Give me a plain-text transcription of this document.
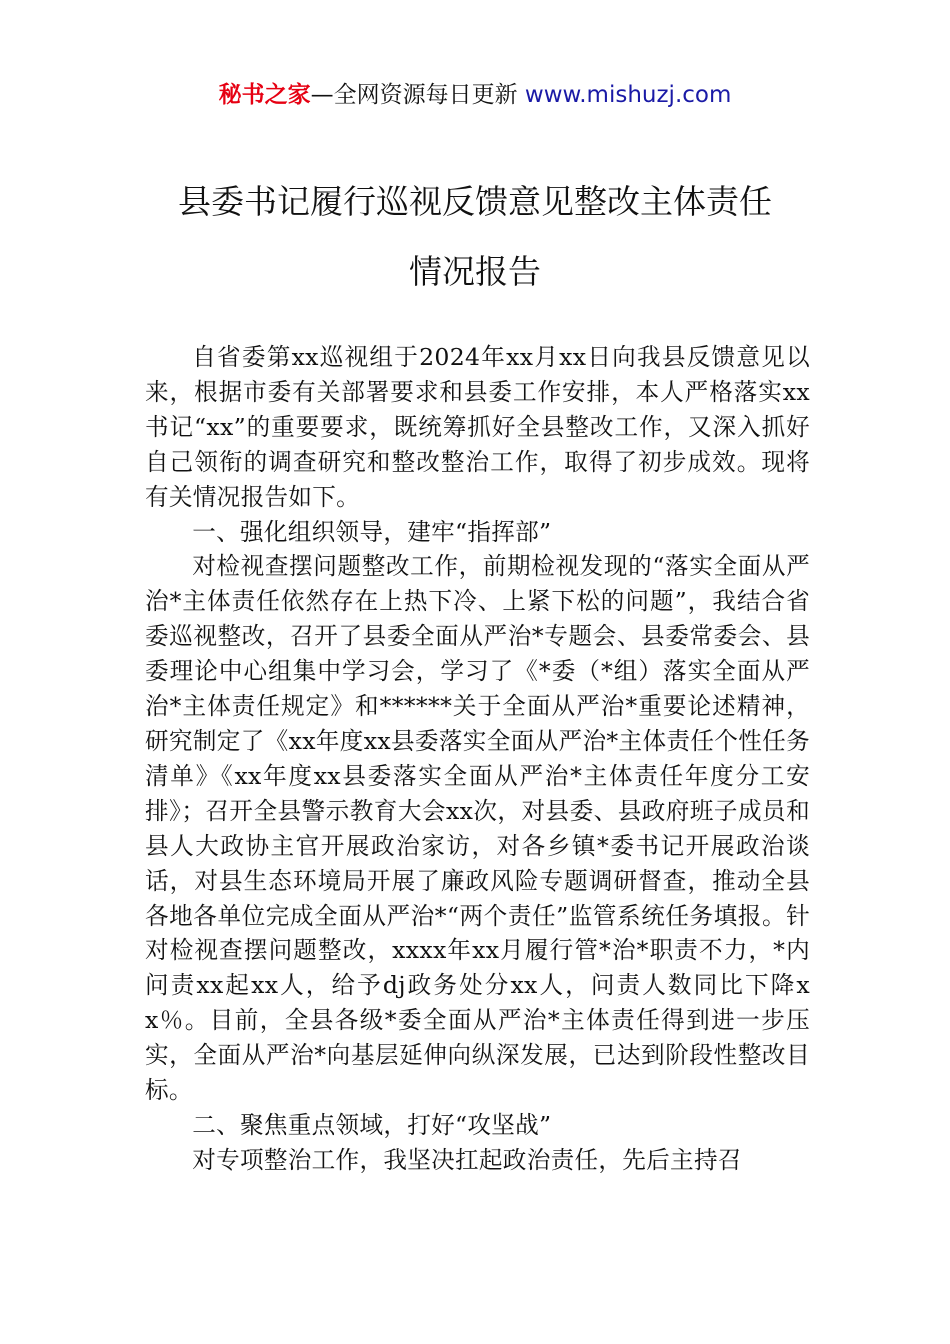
秘书之家—全网资源每日更新 www.mishuzj.com
县委书记履行巡视反馈意见整改主体责任
情况报告

自省委第xx巡视组于2024年xx月xx日向我县反馈意见以来，根据市委有关部署要求和县委工作安排，本人严格落实xx书记“xx”的重要要求，既统筹抓好全县整改工作，又深入抓好自己领衔的调查研究和整改整治工作，取得了初步成效。现将有关情况报告如下。

一、强化组织领导，建牢“指挥部”

对检视查摆问题整改工作，前期检视发现的“落实全面从严治*主体责任依然存在上热下冷、上紧下松的问题”，我结合省委巡视整改，召开了县委全面从严治*专题会、县委常委会、县委理论中心组集中学习会，学习了《*委（*组）落实全面从严治*主体责任规定》和******关于全面从严治*重要论述精神，研究制定了《xx年度xx县委落实全面从严治*主体责任个性任务清单》《xx年度xx县委落实全面从严治*主体责任年度分工安排》；召开全县警示教育大会xx次，对县委、县政府班子成员和县人大政协主官开展政治家访，对各乡镇*委书记开展政治谈话，对县生态环境局开展了廉政风险专题调研督查，推动全县各地各单位完成全面从严治*“两个责任”监管系统任务填报。针对检视查摆问题整改，xxxx年xx月履行管*治*职责不力，*内问责xx起xx人，给予dj政务处分xx人，问责人数同比下降xx％。目前，全县各级*委全面从严治*主体责任得到进一步压实，全面从严治*向基层延伸向纵深发展，已达到阶段性整改目标。

二、聚焦重点领域，打好“攻坚战”

对专项整治工作，我坚决扛起政治责任，先后主持召
